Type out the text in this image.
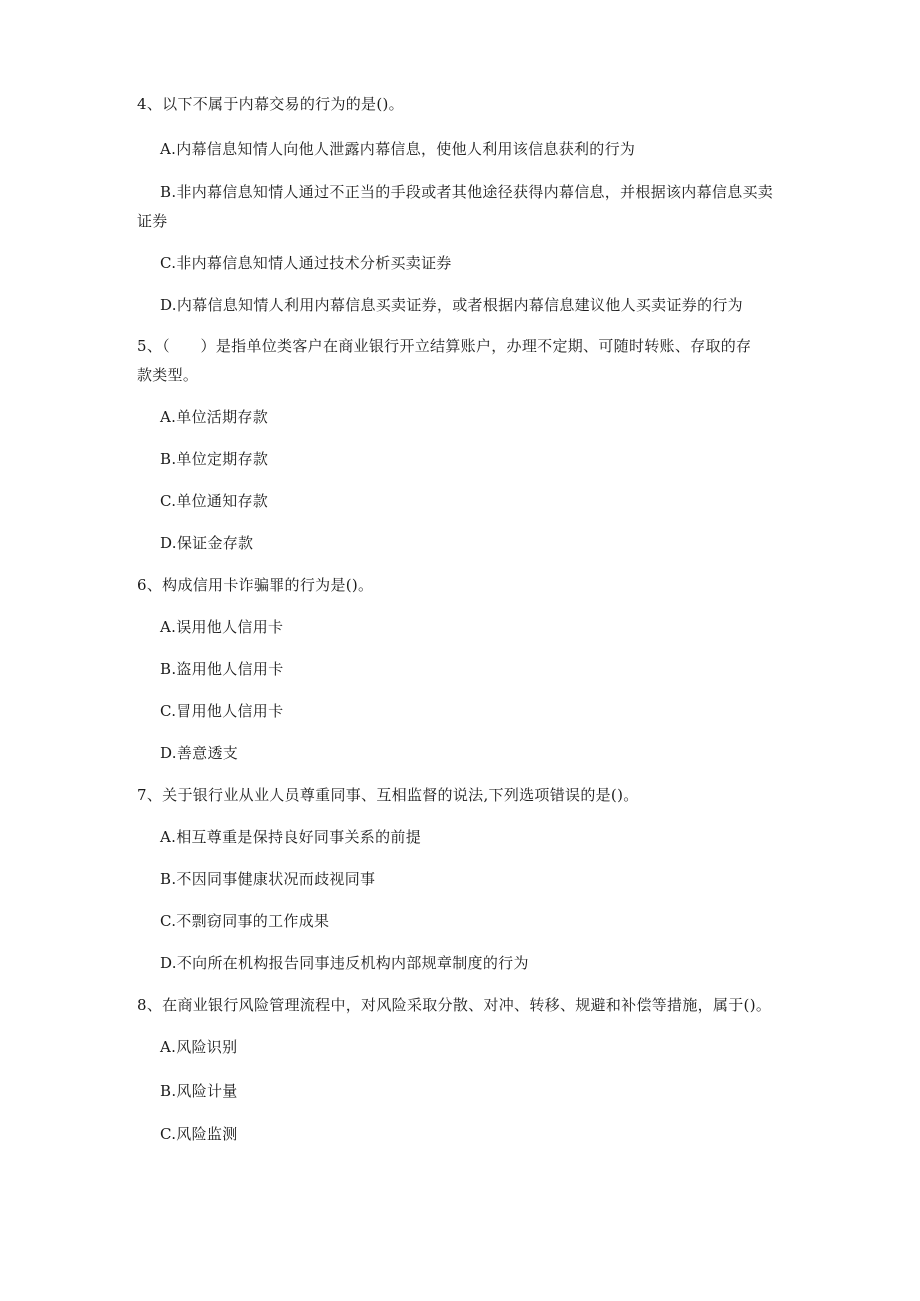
4、以下不属于内幕交易的行为的是()。
A.内幕信息知情人向他人泄露内幕信息，使他人利用该信息获利的行为
B.非内幕信息知情人通过不正当的手段或者其他途径获得内幕信息，并根据该内幕信息买卖
证券
C.非内幕信息知情人通过技术分析买卖证券
D.内幕信息知情人利用内幕信息买卖证券，或者根据内幕信息建议他人买卖证券的行为
5、（　　）是指单位类客户在商业银行开立结算账户，办理不定期、可随时转账、存取的存
款类型。
A.单位活期存款
B.单位定期存款
C.单位通知存款
D.保证金存款
6、构成信用卡诈骗罪的行为是()。
A.误用他人信用卡
B.盗用他人信用卡
C.冒用他人信用卡
D.善意透支
7、关于银行业从业人员尊重同事、互相监督的说法,下列选项错误的是()。
A.相互尊重是保持良好同事关系的前提
B.不因同事健康状况而歧视同事
C.不剽窃同事的工作成果
D.不向所在机构报告同事违反机构内部规章制度的行为
8、在商业银行风险管理流程中，对风险采取分散、对冲、转移、规避和补偿等措施，属于()。
A.风险识别
B.风险计量
C.风险监测
